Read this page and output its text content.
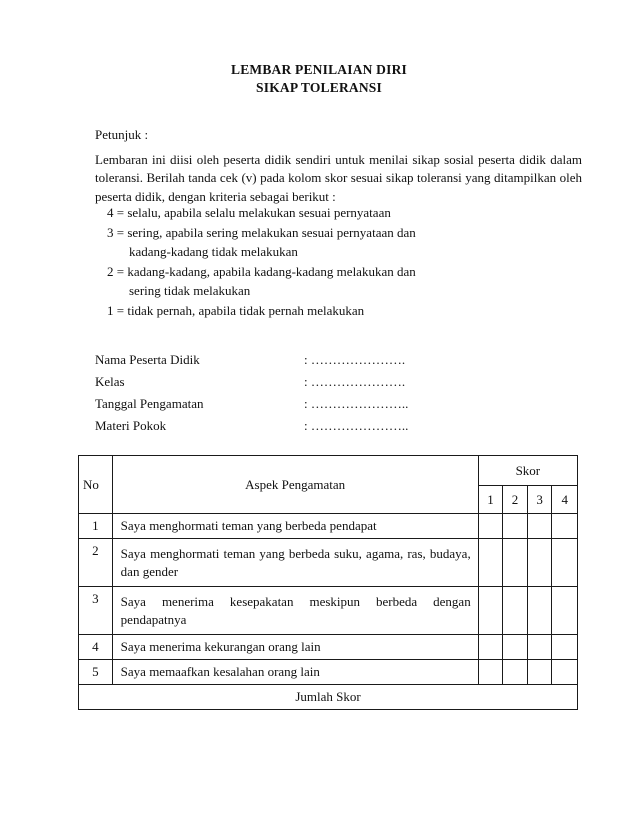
LEMBAR PENILAIAN DIRI
SIKAP TOLERANSI

Petunjuk :

Lembaran ini diisi oleh peserta didik sendiri untuk menilai sikap sosial peserta didik dalam toleransi. Berilah tanda cek (v) pada kolom skor sesuai sikap toleransi yang ditampilkan oleh peserta didik, dengan kriteria sebagai berikut :

4 = selalu, apabila selalu melakukan sesuai pernyataan
3 = sering, apabila sering melakukan sesuai pernyataan dan
kadang-kadang tidak melakukan
2 = kadang-kadang, apabila kadang-kadang melakukan dan
sering tidak melakukan
1 = tidak pernah, apabila tidak pernah melakukan
Nama Peserta Didik	: ………………….
Kelas	: ………………….
Tanggal Pengamatan	: …………………..
Materi Pokok	: …………………..
No	Aspek Pengamatan	Skor			
		1	2	3	4
1	Saya menghormati teman yang berbeda pendapat				

2	Saya menghormati teman yang berbeda suku, agama, ras, budaya, dan gender				

3	Saya menerima kesepakatan meskipun berbeda dengan pendapatnya				

4	Saya menerima kekurangan orang lain				

5	Saya memaafkan kesalahan orang lain				

Jumlah Skor					
